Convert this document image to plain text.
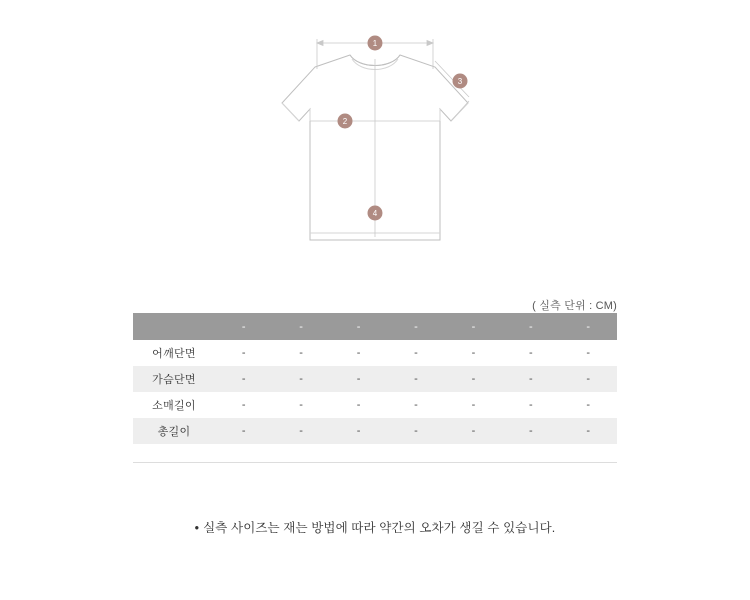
1
2
3
4
( 실측 단위 : CM)
	-	-	-	-	-	-	-
어깨단면	-	-	-	-	-	-	-
가슴단면	-	-	-	-	-	-	-
소매길이	-	-	-	-	-	-	-
총길이	-	-	-	-	-	-	-
• 실측 사이즈는 재는 방법에 따라 약간의 오차가 생길 수 있습니다.
